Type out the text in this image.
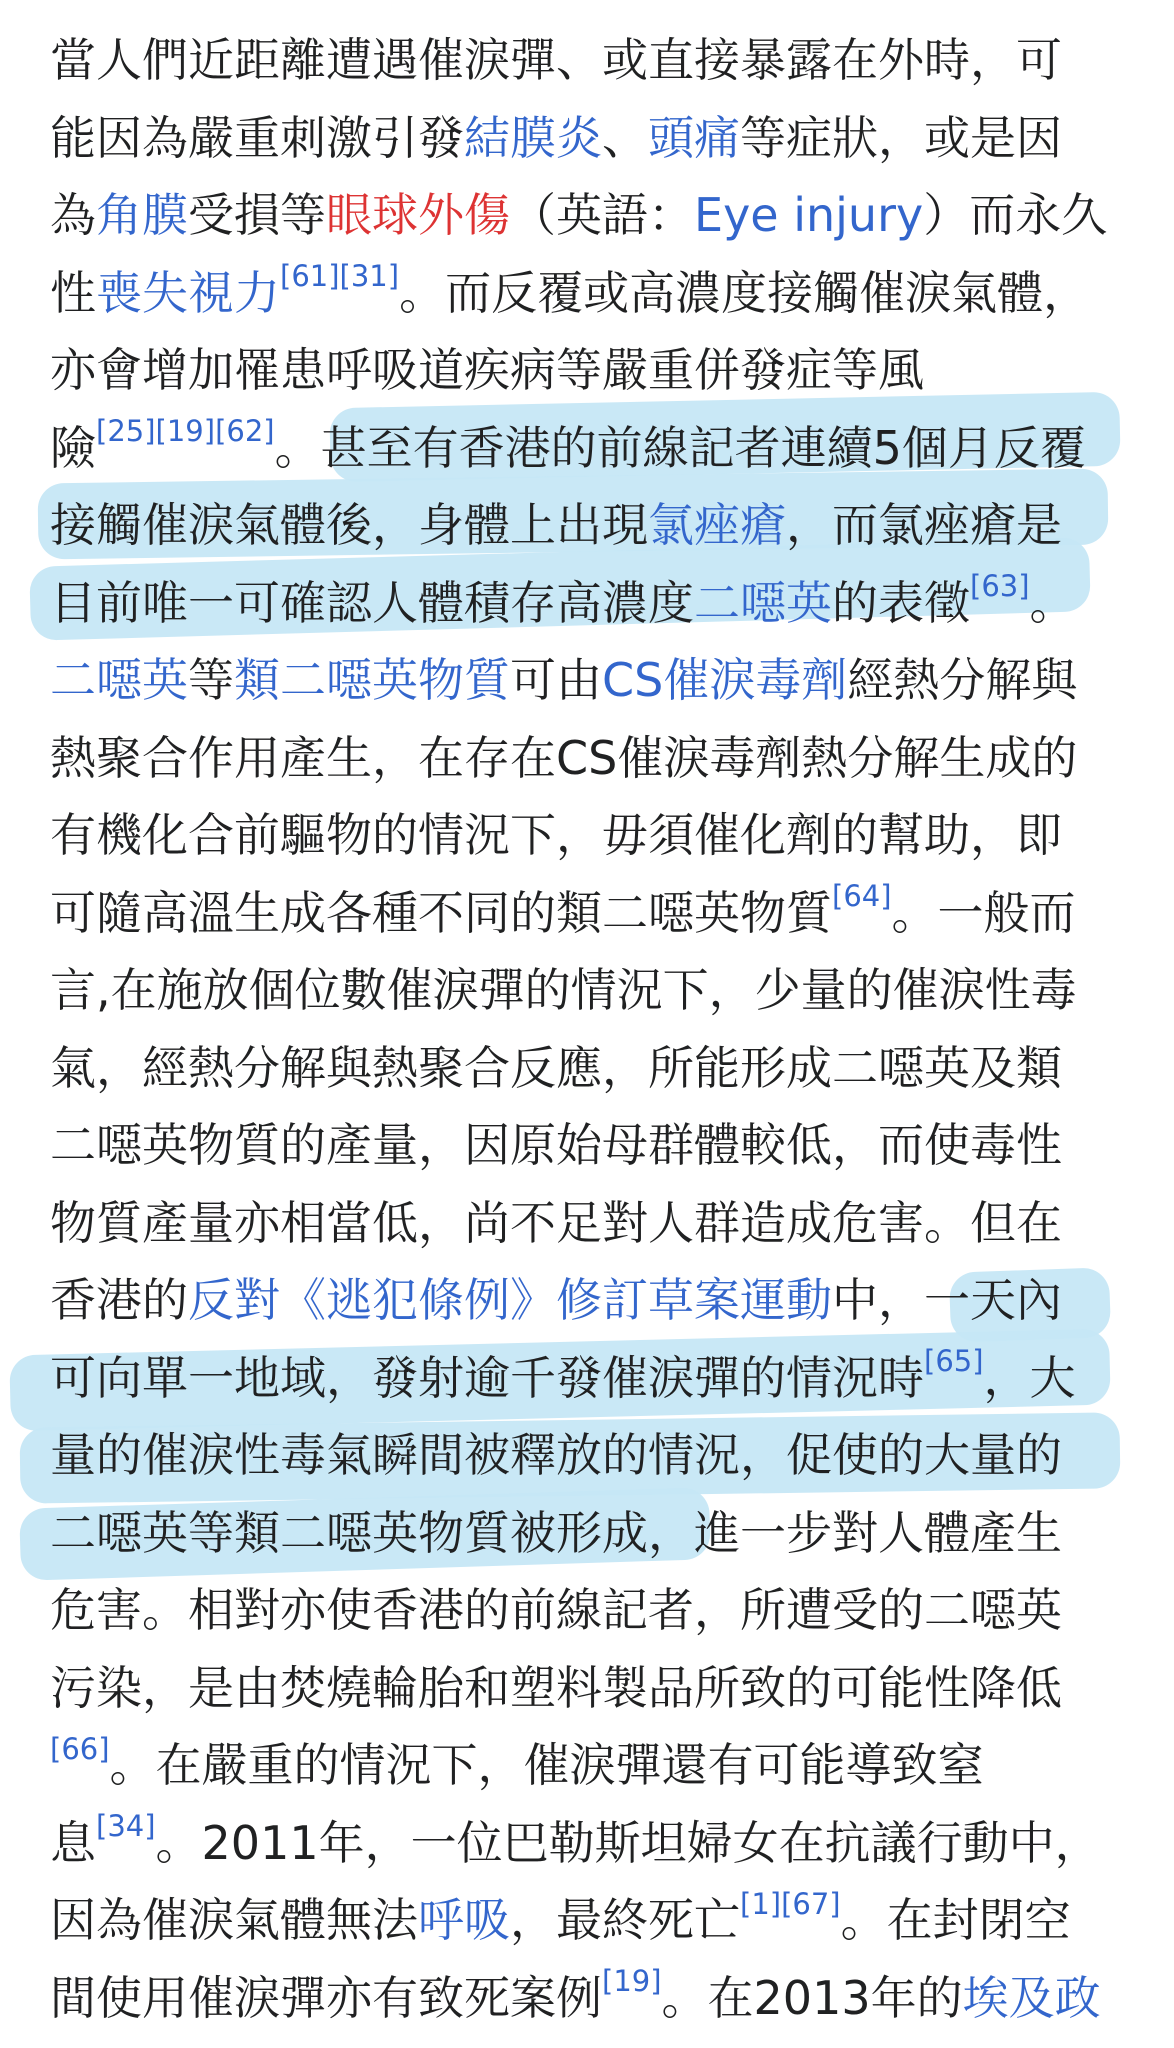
當人們近距離遭遇催淚彈、或直接暴露在外時，可
能因為嚴重刺激引發結膜炎、頭痛等症狀，或是因
為角膜受損等眼球外傷（英語：Eye injury）而永久
性喪失視力[61][31]。而反覆或高濃度接觸催淚氣體，
亦會增加罹患呼吸道疾病等嚴重併發症等風
險[25][19][62]。甚至有香港的前線記者連續5個月反覆
接觸催淚氣體後，身體上出現氯痤瘡，而氯痤瘡是
目前唯一可確認人體積存高濃度二噁英的表徵[63]。
二噁英等類二噁英物質可由CS催淚毒劑經熱分解與
熱聚合作用產生，在存在CS催淚毒劑熱分解生成的
有機化合前驅物的情況下，毋須催化劑的幫助，即
可隨高溫生成各種不同的類二噁英物質[64]。一般而
言,在施放個位數催淚彈的情況下，少量的催淚性毒
氣，經熱分解與熱聚合反應，所能形成二噁英及類
二噁英物質的產量，因原始母群體較低，而使毒性
物質產量亦相當低，尚不足對人群造成危害。但在
香港的反對《逃犯條例》修訂草案運動中，一天內
可向單一地域，發射逾千發催淚彈的情況時[65]，大
量的催淚性毒氣瞬間被釋放的情況，促使的大量的
二噁英等類二噁英物質被形成，進一步對人體產生
危害。相對亦使香港的前線記者，所遭受的二噁英
污染，是由焚燒輪胎和塑料製品所致的可能性降低
[66]。在嚴重的情況下，催淚彈還有可能導致窒
息[34]。2011年，一位巴勒斯坦婦女在抗議行動中，
因為催淚氣體無法呼吸，最終死亡[1][67]。在封閉空
間使用催淚彈亦有致死案例[19]。在2013年的埃及政
